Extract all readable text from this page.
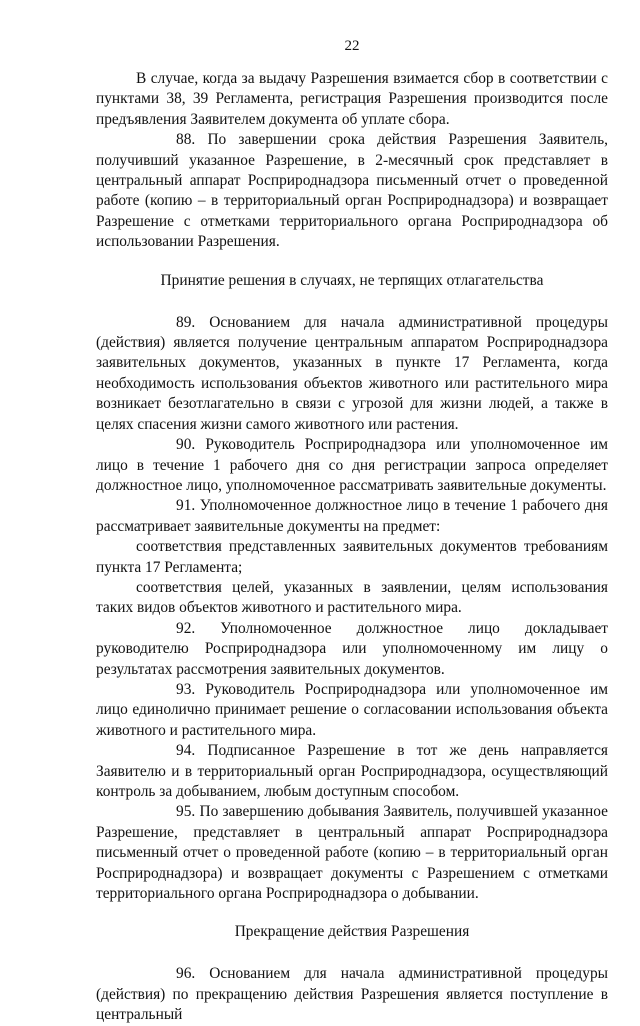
22

В случае, когда за выдачу Разрешения взимается сбор в соответствии с пунктами 38, 39 Регламента, регистрация Разрешения производится после предъявления Заявителем документа об уплате сбора.

88. По завершении срока действия Разрешения Заявитель, получивший указанное Разрешение, в 2-месячный срок представляет в центральный аппарат Росприроднадзора письменный отчет о проведенной работе (копию – в территориальный орган Росприроднадзора) и возвращает Разрешение с отметками территориального органа Росприроднадзора об использовании Разрешения.

Принятие решения в случаях, не терпящих отлагательства

89. Основанием для начала административной процедуры (действия) является получение центральным аппаратом Росприроднадзора заявительных документов, указанных в пункте 17 Регламента, когда необходимость использования объектов животного или растительного мира возникает безотлагательно в связи с угрозой для жизни людей, а также в целях спасения жизни самого животного или растения.

90. Руководитель Росприроднадзора или уполномоченное им лицо в течение 1 рабочего дня со дня регистрации запроса определяет должностное лицо, уполномоченное рассматривать заявительные документы.

91. Уполномоченное должностное лицо в течение 1 рабочего дня рассматривает заявительные документы на предмет:

соответствия представленных заявительных документов требованиям пункта 17 Регламента;

соответствия целей, указанных в заявлении, целям использования таких видов объектов животного и растительного мира.

92. Уполномоченное должностное лицо докладывает руководителю Росприроднадзора или уполномоченному им лицу о результатах рассмотрения заявительных документов.

93. Руководитель Росприроднадзора или уполномоченное им лицо единолично принимает решение о согласовании использования объекта животного и растительного мира.

94. Подписанное Разрешение в тот же день направляется Заявителю и в территориальный орган Росприроднадзора, осуществляющий контроль за добыванием, любым доступным способом.

95. По завершению добывания Заявитель, получившей указанное Разрешение, представляет в центральный аппарат Росприроднадзора письменный отчет о проведенной работе (копию – в территориальный орган Росприроднадзора) и возвращает документы с Разрешением с отметками территориального органа Росприроднадзора о добывании.

Прекращение действия Разрешения

96. Основанием для начала административной процедуры (действия) по прекращению действия Разрешения является поступление в центральный
